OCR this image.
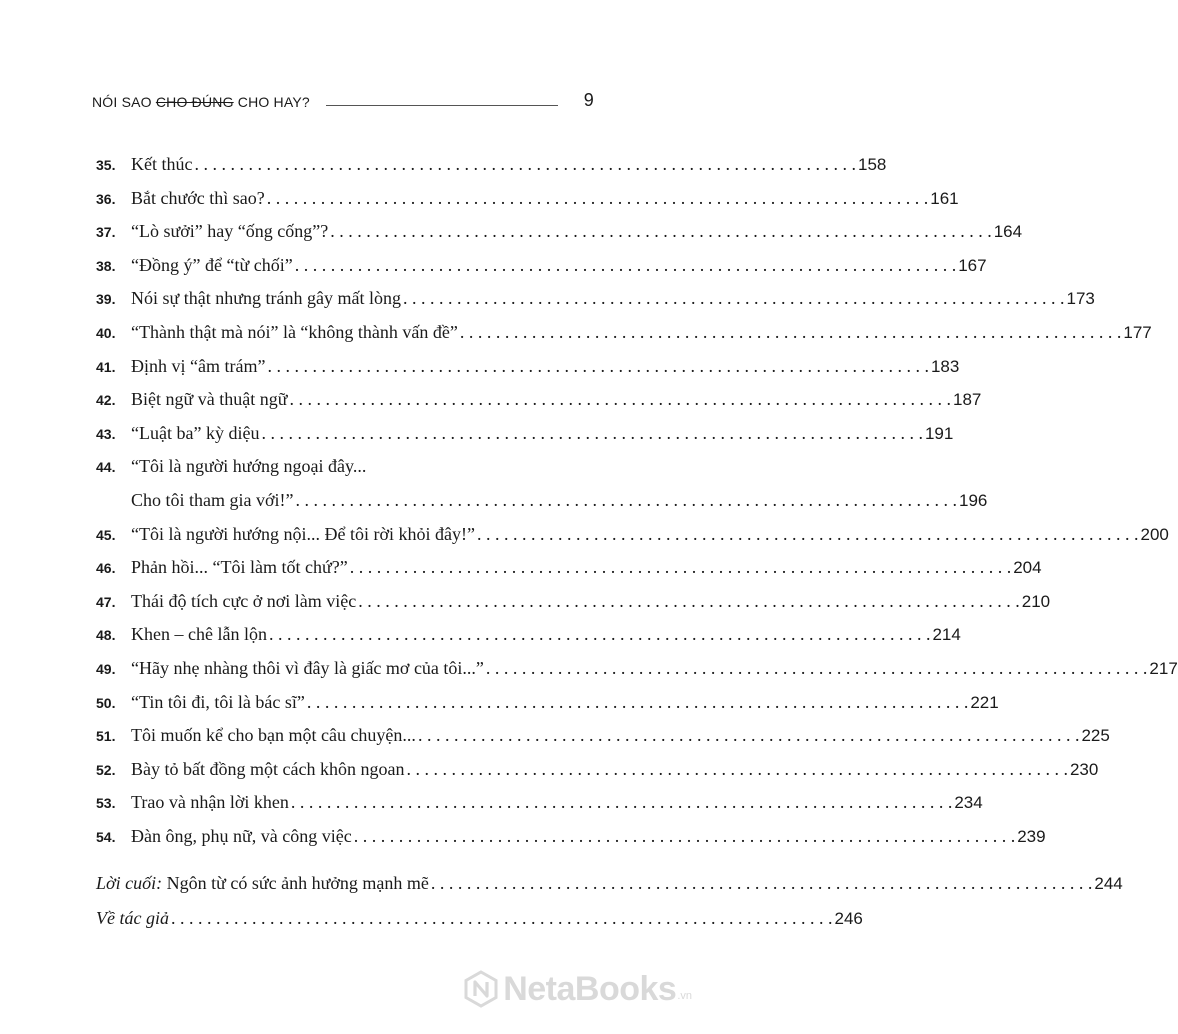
NÓI SAO CHO ĐÚNG CHO HAY?	9
35. Kết thúc . . .	158
36. Bắt chước thì sao? . . .	161
37. “Lò sưởi” hay “ống cống”? . . .	164
38. “Đồng ý” để “từ chối” . . .	167
39. Nói sự thật nhưng tránh gây mất lòng . . .	173
40. “Thành thật mà nói” là “không thành vấn đề” . . .	177
41. Định vị “âm trám” . . .	183
42. Biệt ngữ và thuật ngữ . . .	187
43. “Luật ba” kỳ diệu . . .	191
44. “Tôi là người hướng ngoại đây...
Cho tôi tham gia với!” . . .	196
45. “Tôi là người hướng nội... Để tôi rời khỏi đây!” . . .	200
46. Phản hồi... “Tôi làm tốt chứ?” . . .	204
47. Thái độ tích cực ở nơi làm việc . . .	210
48. Khen – chê lẫn lộn . . .	214
49. “Hãy nhẹ nhàng thôi vì đây là giấc mơ của tôi...” . . .	217
50. “Tin tôi đi, tôi là bác sĩ” . . .	221
51. Tôi muốn kể cho bạn một câu chuyện... . . .	225
52. Bày tỏ bất đồng một cách khôn ngoan . . .	230
53. Trao và nhận lời khen . . .	234
54. Đàn ông, phụ nữ, và công việc . . .	239
Lời cuối: Ngôn từ có sức ảnh hưởng mạnh mẽ . . .	244
Về tác giả . . .	246
NetaBooks .vn
